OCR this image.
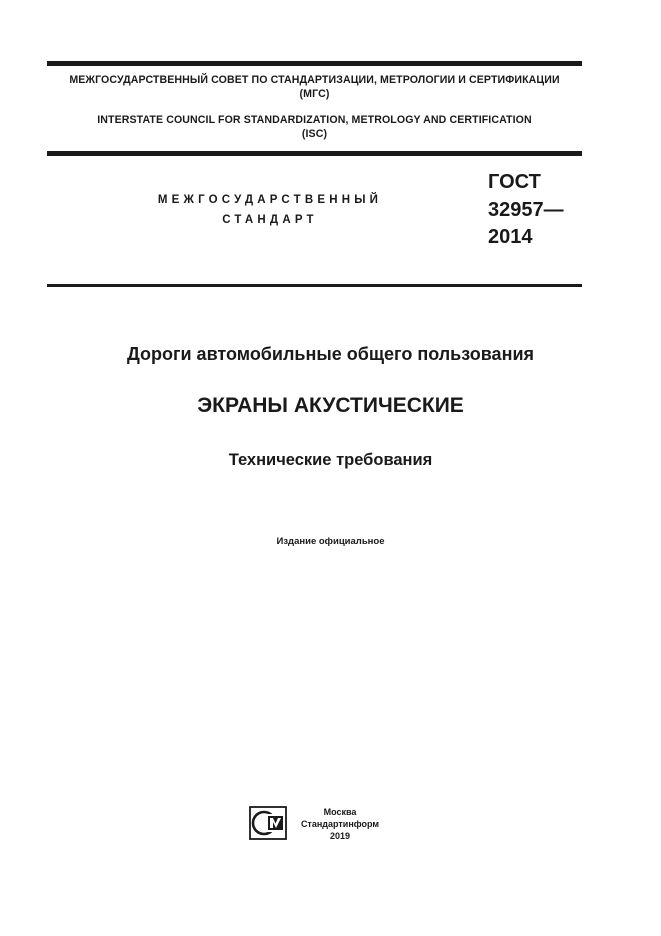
МЕЖГОСУДАРСТВЕННЫЙ СОВЕТ ПО СТАНДАРТИЗАЦИИ, МЕТРОЛОГИИ И СЕРТИФИКАЦИИ
(МГС)
INTERSTATE COUNCIL FOR STANDARDIZATION, METROLOGY AND CERTIFICATION
(ISC)
МЕЖГОСУДАРСТВЕННЫЙ
СТАНДАРТ
ГОСТ
32957—
2014
Дороги автомобильные общего пользования
ЭКРАНЫ АКУСТИЧЕСКИЕ
Технические требования
Издание официальное
Москва
Стандартинформ
2019
